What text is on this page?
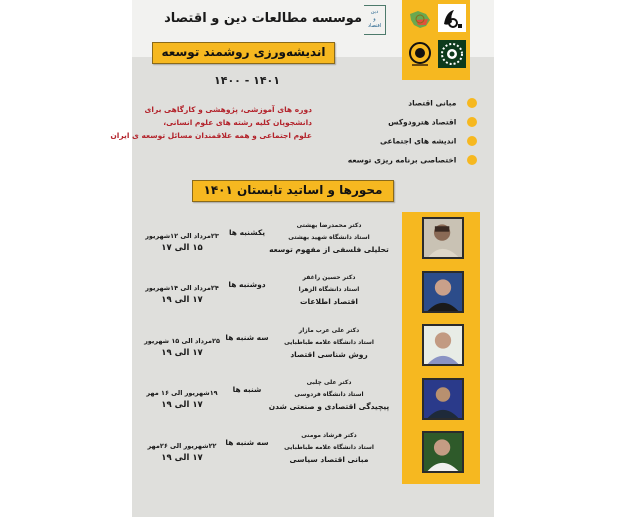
موسسه مطالعات دین و اقتصاد	دین
و
اقتصاد
اندیشه‌ورزی روشمند توسعه
۱۴۰۰ - ۱۴۰۱

دوره های آموزشی، پژوهشی و کارگاهی برای

دانشجویان کلیه رشته های علوم انسانی،

علوم اجتماعی و همه علاقمندان مسائل توسعه ی ایران

مبانی اقتصاد
اقتصاد هترودوکس
اندیشه های اجتماعی
اختصاصی برنامه ریزی توسعه
محورها و اساتید تابستان ۱۴۰۱
دکتر محمدرضا بهشتی
استاد دانشگاه شهید بهشتی
تحلیلی فلسفی از مفهوم توسعه
یکشنبه ها
۲۳مرداد الی ۱۲شهریور
۱۵ الی ۱۷
دکتر حسین راغفر
استاد دانشگاه الزهرا
اقتصاد اطلاعات
دوشنبه ها
۲۴مرداد الی ۱۴شهریور
۱۷ الی ۱۹
دکتر علی عرب مازار
استاد دانشگاه علامه طباطبایی
روش شناسی اقتصاد
سه شنبه ها
۲۵مرداد الی ۱۵ شهریور
۱۷ الی ۱۹
دکتر علی چلبی
استاد دانشگاه فردوسی
پیچیدگی اقتصادی و صنعتی شدن
شنبه ها
۱۹شهریور الی ۱۶ مهر
۱۷ الی ۱۹
دکتر فرشاد مومنی
استاد دانشگاه علامه طباطبایی
مبانی اقتصاد سیاسی
سه شنبه ها
۲۲شهریور الی ۲۶مهر
۱۷ الی ۱۹
